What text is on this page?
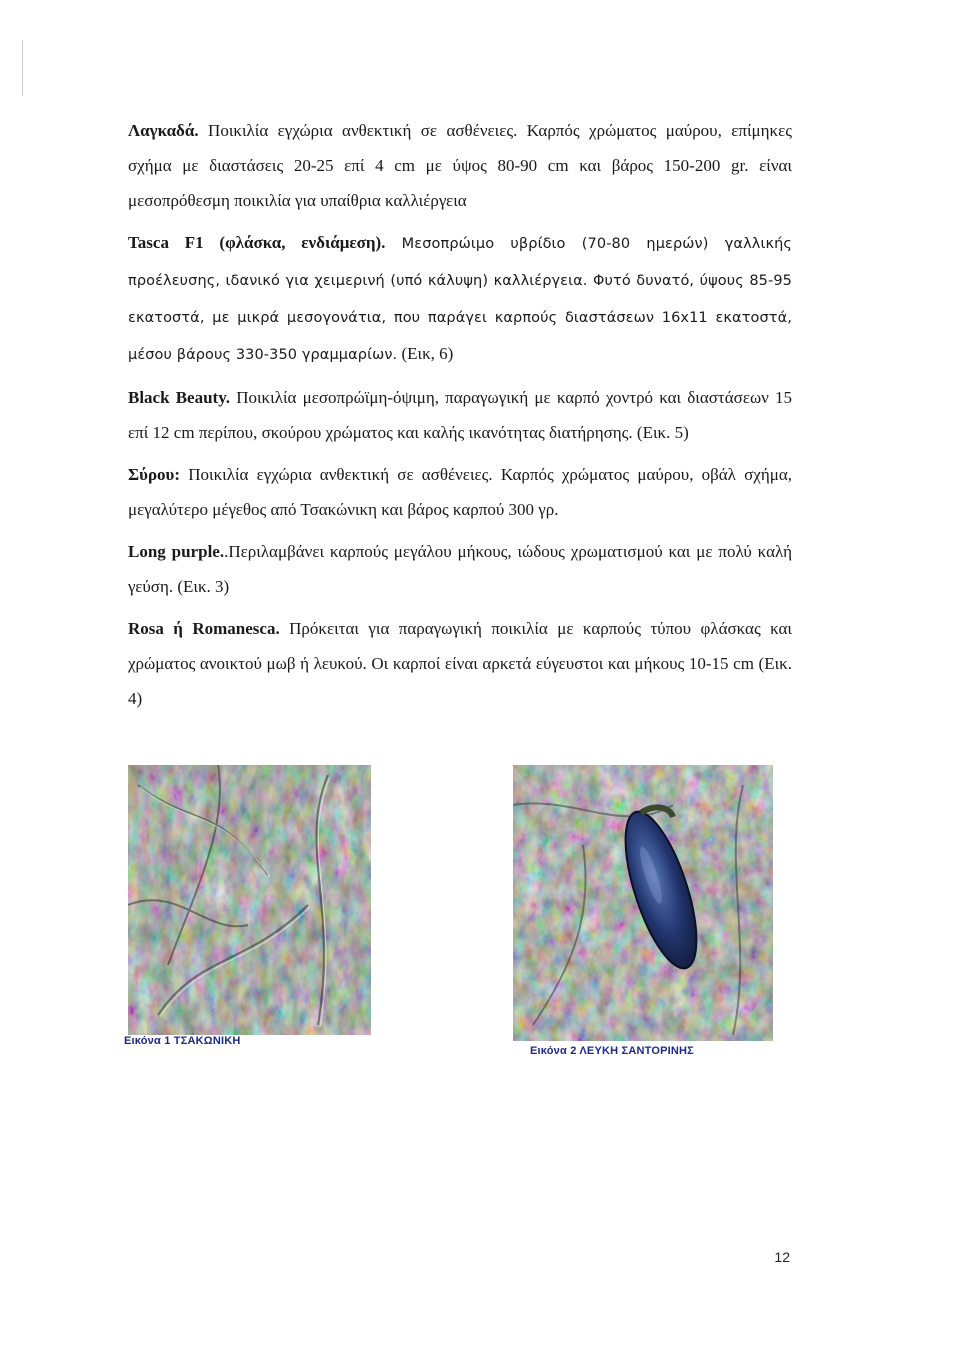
Λαγκαδά. Ποικιλία εγχώρια ανθεκτική σε ασθένειες. Καρπός χρώματος μαύρου, επίμηκες σχήμα με διαστάσεις 20-25 επί 4 cm με ύψος 80-90 cm και βάρος 150-200 gr. είναι μεσοπρόθεσμη ποικιλία για υπαίθρια καλλιέργεια

Tasca F1 (φλάσκα, ενδιάμεση). Μεσοπρώιμο υβρίδιο (70-80 ημερών) γαλλικής προέλευσης, ιδανικό για χειμερινή (υπό κάλυψη) καλλιέργεια. Φυτό δυνατό, ύψους 85-95 εκατοστά, με μικρά μεσογονάτια, που παράγει καρπούς διαστάσεων 16x11 εκατοστά, μέσου βάρους 330-350 γραμμαρίων. (Εικ, 6)

Black Beauty. Ποικιλία μεσοπρώϊμη-όψιμη, παραγωγική με καρπό χοντρό και διαστάσεων 15 επί 12 cm περίπου, σκούρου χρώματος και καλής ικανότητας διατήρησης. (Εικ. 5)

Σύρου: Ποικιλία εγχώρια ανθεκτική σε ασθένειες. Καρπός χρώματος μαύρου, οβάλ σχήμα, μεγαλύτερο μέγεθος από Τσακώνικη και βάρος καρπού 300 γρ.

Long purple..Περιλαμβάνει καρπούς μεγάλου μήκους, ιώδους χρωματισμού και με πολύ καλή γεύση. (Εικ. 3)

Rosa ή Romanesca. Πρόκειται για παραγωγική ποικιλία με καρπούς τύπου φλάσκας και χρώματος ανοικτού μωβ ή λευκού. Οι καρποί είναι αρκετά εύγευστοι και μήκους 10-15 cm (Εικ. 4)

Εικόνα 1 ΤΣΑΚΩΝΙΚΗ
Εικόνα 2 ΛΕΥΚΗ ΣΑΝΤΟΡΙΝΗΣ
12
